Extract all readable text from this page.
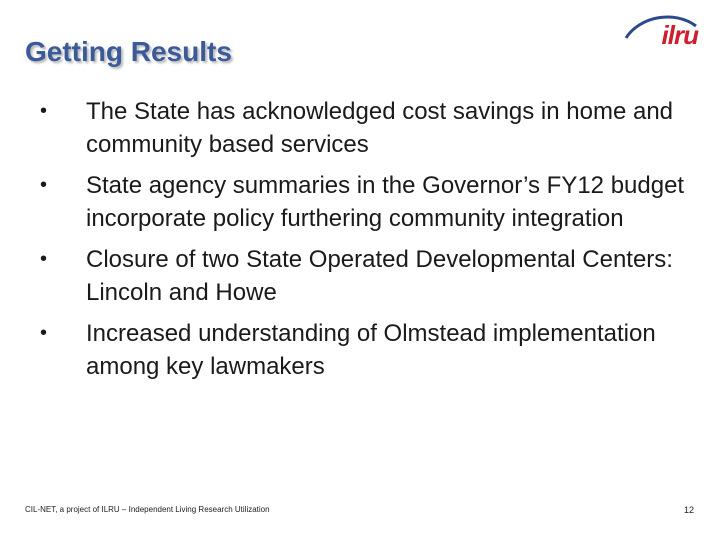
Getting Results
ilru
• The State has acknowledged cost savings in home and community based services
• State agency summaries in the Governor’s FY12 budget incorporate policy furthering community integration
• Closure of two State Operated Developmental Centers: Lincoln and Howe
• Increased understanding of Olmstead implementation among key lawmakers
CIL-NET, a project of ILRU – Independent Living Research Utilization	12
